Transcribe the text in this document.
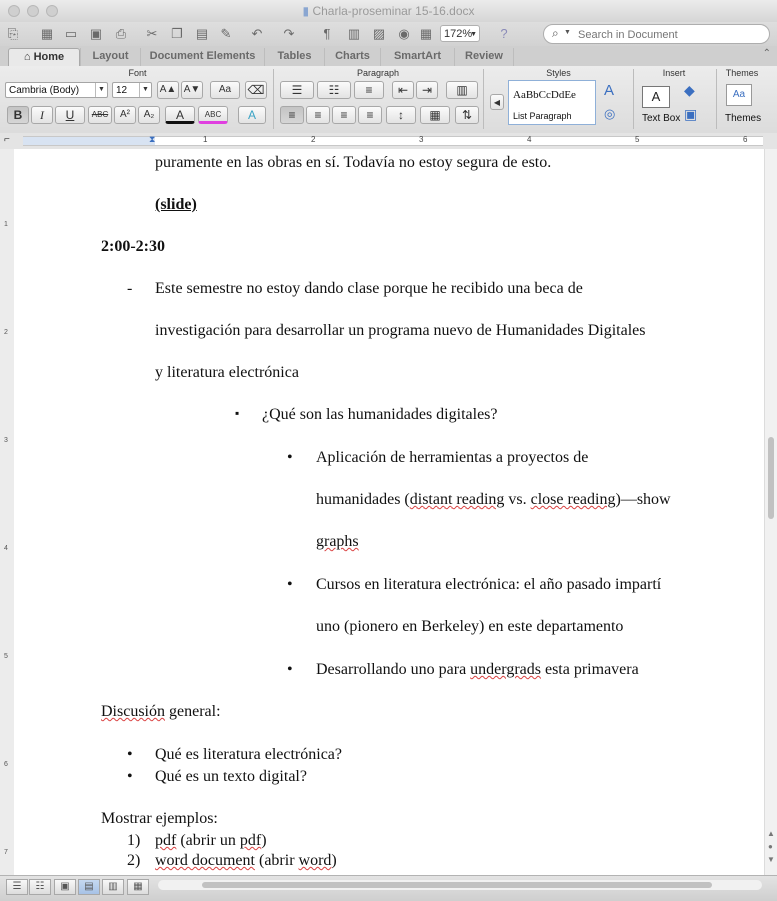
▮ Charla-proseminar 15-16.docx
⎘ ▦ ▭ ▣ ⎙ ✂ ❐ ▤ ✎ ↶ ↷	¶	▥ ▨ ◉ ▦	172%
▼	?	⌕ ▼
Search in Document
⌂ Home	Layout	Document Elements	Tables	Charts	SmartArt	Review	⌃
Font	Paragraph	Styles	Insert	Themes
Cambria (Body)	▼	12	▼ A▲ A▼	Aa	⌫
B	I	U	ABC	A²	A₂	A	ABC	A
☰	☷	≡	⇤	⇥	▥
≡	≡	≡	≡	↕	▦	⇅
◀
AaBbCcDdEe
List Paragraph
A
◎
A
Text Box
◆
▣
Aa
Themes
⌐	⧗	1	2	3	4	5	6
1
2
3
4
5
6
7
puramente en las obras en sí. Todavía no estoy segura de esto.
(slide)
2:00-2:30
- Este semestre no estoy dando clase porque he recibido una beca de
investigación para desarrollar un programa nuevo de Humanidades Digitales
y literatura electrónica
▪ ¿Qué son las humanidades digitales?
• Aplicación de herramientas a proyectos de
humanidades (distant reading vs. close reading)—show
graphs
• Cursos en literatura electrónica: el año pasado impartí
uno (pionero en Berkeley) en este departamento
• Desarrollando uno para undergrads esta primavera
Discusión general:
• Qué es literatura electrónica?
• Qué es un texto digital?
Mostrar ejemplos:
1) pdf (abrir un pdf)
2) word document (abrir word)
▲
●
▼
☰	☷	▣	▤	▥	▦
